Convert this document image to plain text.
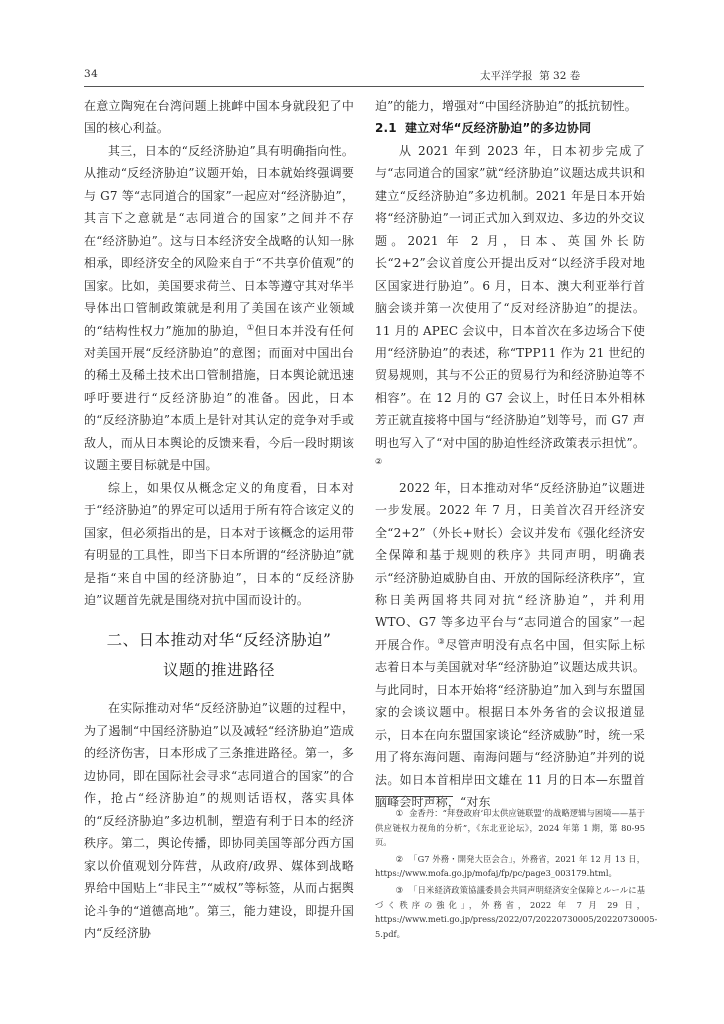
34	太平洋学报 第 32 卷

在意立陶宛在台湾问题上挑衅中国本身就段犯了中国的核心利益。

其三，日本的“反经济胁迫”具有明确指向性。从推动“反经济胁迫”议题开始，日本就始终强调要与 G7 等“志同道合的国家”一起应对“经济胁迫”，其言下之意就是“志同道合的国家”之间并不存在“经济胁迫”。这与日本经济安全战略的认知一脉相承，即经济安全的风险来自于“不共享价值观”的国家。比如，美国要求荷兰、日本等遵守其对华半导体出口管制政策就是利用了美国在该产业领域的“结构性权力”施加的胁迫，①但日本并没有任何对美国开展“反经济胁迫”的意图；而面对中国出台的稀土及稀土技术出口管制措施，日本舆论就迅速呼吁要进行“反经济胁迫”的准备。因此，日本的“反经济胁迫”本质上是针对其认定的竞争对手或敌人，而从日本舆论的反馈来看，今后一段时期该议题主要目标就是中国。

综上，如果仅从概念定义的角度看，日本对于“经济胁迫”的界定可以适用于所有符合该定义的国家，但必须指出的是，日本对于该概念的运用带有明显的工具性，即当下日本所谓的“经济胁迫”就是指“来自中国的经济胁迫”，日本的“反经济胁迫”议题首先就是围绕对抗中国而设计的。

二、日本推动对华“反经济胁迫”
议题的推进路径

在实际推动对华“反经济胁迫”议题的过程中，为了遏制“中国经济胁迫”以及减轻“经济胁迫”造成的经济伤害，日本形成了三条推进路径。第一，多边协同，即在国际社会寻求“志同道合的国家”的合作，抢占“经济胁迫”的规则话语权，落实具体的“反经济胁迫”多边机制，塑造有利于日本的经济秩序。第二，舆论传播，即协同美国等部分西方国家以价值观划分阵营，从政府/政界、媒体到战略界给中国贴上“非民主”“威权”等标签，从而占据舆论斗争的“道德高地”。第三，能力建设，即提升国内“反经济胁

迫”的能力，增强对“中国经济胁迫”的抵抗韧性。

2.1 建立对华“反经济胁迫”的多边协同

从 2021 年到 2023 年，日本初步完成了与“志同道合的国家”就“经济胁迫”议题达成共识和建立“反经济胁迫”多边机制。2021 年是日本开始将“经济胁迫”一词正式加入到双边、多边的外交议题。2021 年 2 月，日本、英国外长防长“2+2”会议首度公开提出反对“以经济手段对地区国家进行胁迫”。6 月，日本、澳大利亚举行首脑会谈并第一次使用了“反对经济胁迫”的提法。11 月的 APEC 会议中，日本首次在多边场合下使用“经济胁迫”的表述，称“TPP11 作为 21 世纪的贸易规则，其与不公正的贸易行为和经济胁迫等不相容”。在 12 月的 G7 会议上，时任日本外相林芳正就直接将中国与“经济胁迫”划等号，而 G7 声明也写入了“对中国的胁迫性经济政策表示担忧”。②

2022 年，日本推动对华“反经济胁迫”议题进一步发展。2022 年 7 月，日美首次召开经济安全“2+2”（外长+财长）会议并发布《强化经济安全保障和基于规则的秩序》共同声明，明确表示“经济胁迫威胁自由、开放的国际经济秩序”，宣称日美两国将共同对抗“经济胁迫”，并利用 WTO、G7 等多边平台与“志同道合的国家”一起开展合作。③尽管声明没有点名中国，但实际上标志着日本与美国就对华“经济胁迫”议题达成共识。与此同时，日本开始将“经济胁迫”加入到与东盟国家的会谈议题中。根据日本外务省的会议报道显示，日本在向东盟国家谈论“经济威胁”时，统一采用了将东海问题、南海问题与“经济胁迫”并列的说法。如日本首相岸田文雄在 11 月的日本—东盟首脑峰会时声称，“对东

① 金香丹：“拜登政府‘印太供应链联盟’的战略逻辑与困境——基于供应链权力视角的分析”，《东北亚论坛》，2024 年第 1 期，第 80-95 页。

② 「G7 外務・開発大臣会合」，外務省，2021 年 12 月 13 日，https://www.mofa.go.jp/mofaj/fp/pc/page3_003179.html。

③ 「日米経済政策協議委員会共同声明経済安全保障とルールに基づく秩序の強化」，外務省，2022 年 7 月 29 日，https://www.meti.go.jp/press/2022/07/20220730005/20220730005-5.pdf。
